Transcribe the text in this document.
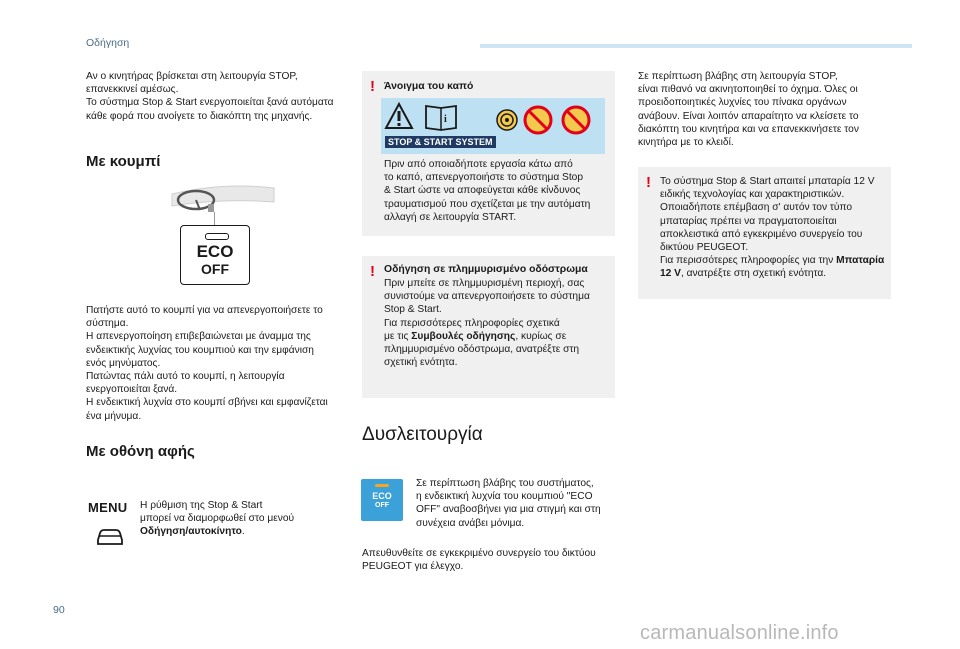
Οδήγηση
Αν ο κινητήρας βρίσκεται στη λειτουργία STOP,
επανεκκινεί αμέσως.
Το σύστημα Stop & Start ενεργοποιείται ξανά αυτόματα
κάθε φορά που ανοίγετε το διακόπτη της μηχανής.
Με κουμπί
ECO
OFF
Πατήστε αυτό το κουμπί για να απενεργοποιήσετε το
σύστημα.
Η απενεργοποίηση επιβεβαιώνεται με άναμμα της
ενδεικτικής λυχνίας του κουμπιού και την εμφάνιση
ενός μηνύματος.
Πατώντας πάλι αυτό το κουμπί, η λειτουργία
ενεργοποιείται ξανά.
Η ενδεικτική λυχνία στο κουμπί σβήνει και εμφανίζεται
ένα μήνυμα.
Με οθόνη αφής
MENU Η ρύθμιση της Stop & Start
μπορεί να διαμορφωθεί στο μενού
Οδήγηση/αυτοκίνητο.
! Άνοιγμα του καπό
i
STOP & START SYSTEM
Πριν από οποιαδήποτε εργασία κάτω από
το καπό, απενεργοποιήστε το σύστημα Stop
& Start ώστε να αποφεύγεται κάθε κίνδυνος
τραυματισμού που σχετίζεται με την αυτόματη
αλλαγή σε λειτουργία START.
! Οδήγηση σε πλημμυρισμένο οδόστρωμα
Πριν μπείτε σε πλημμυρισμένη περιοχή, σας
συνιστούμε να απενεργοποιήσετε το σύστημα
Stop & Start.
Για περισσότερες πληροφορίες σχετικά
με τις Συμβουλές οδήγησης, κυρίως σε
πλημμυρισμένο οδόστρωμα, ανατρέξτε στη
σχετική ενότητα.
Δυσλειτουργία
ECO
OFF
Σε περίπτωση βλάβης του συστήματος,
η ενδεικτική λυχνία του κουμπιού "ECO
OFF" αναβοσβήνει για μια στιγμή και στη
συνέχεια ανάβει μόνιμα.
Απευθυνθείτε σε εγκεκριμένο συνεργείο του δικτύου
PEUGEOT για έλεγχο.
Σε περίπτωση βλάβης στη λειτουργία STOP,
είναι πιθανό να ακινητοποιηθεί το όχημα. Όλες οι
προειδοποιητικές λυχνίες του πίνακα οργάνων
ανάβουν. Είναι λοιπόν απαραίτητο να κλείσετε το
διακόπτη του κινητήρα και να επανεκκινήσετε τον
κινητήρα με το κλειδί.
! Το σύστημα Stop & Start απαιτεί μπαταρία 12 V
ειδικής τεχνολογίας και χαρακτηριστικών.
Οποιαδήποτε επέμβαση σ' αυτόν τον τύπο
μπαταρίας πρέπει να πραγματοποιείται
αποκλειστικά από εγκεκριμένο συνεργείο του
δικτύου PEUGEOT.
Για περισσότερες πληροφορίες για την Μπαταρία
12 V, ανατρέξτε στη σχετική ενότητα.
90
carmanualsonline.info
